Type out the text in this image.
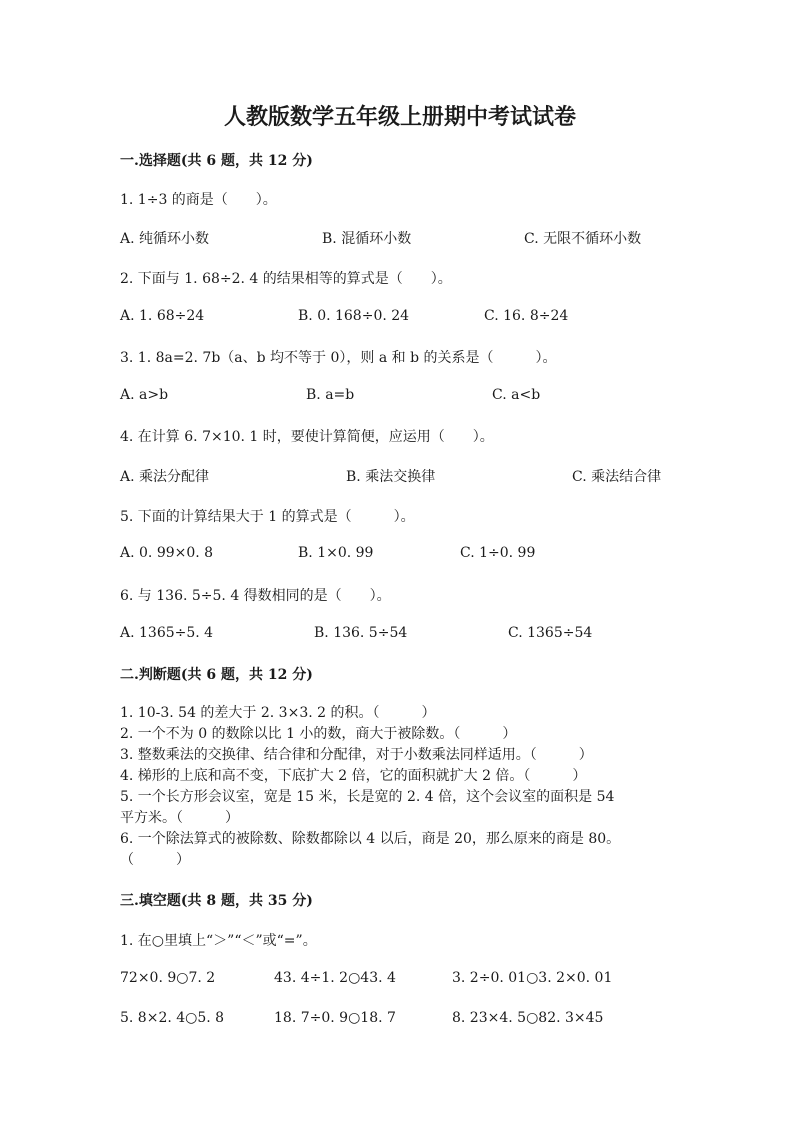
人教版数学五年级上册期中考试试卷
一.选择题(共 6 题，共 12 分)
1. 1÷3 的商是（　　）。
A. 纯循环小数	B. 混循环小数	C. 无限不循环小数
2. 下面与 1. 68÷2. 4 的结果相等的算式是（　　）。
A. 1. 68÷24	B. 0. 168÷0. 24	C. 16. 8÷24
3. 1. 8a=2. 7b（a、b 均不等于 0），则 a 和 b 的关系是（　　　）。
A. a>b	B. a=b	C. a<b
4. 在计算 6. 7×10. 1 时，要使计算简便，应运用（　　）。
A. 乘法分配律	B. 乘法交换律	C. 乘法结合律
5. 下面的计算结果大于 1 的算式是（　　　）。
A. 0. 99×0. 8	B. 1×0. 99	C. 1÷0. 99
6. 与 136. 5÷5. 4 得数相同的是（　　）。
A. 1365÷5. 4	B. 136. 5÷54	C. 1365÷54
二.判断题(共 6 题，共 12 分)
1. 10-3. 54 的差大于 2. 3×3. 2 的积。（　　　）
2. 一个不为 0 的数除以比 1 小的数，商大于被除数。（　　　）
3. 整数乘法的交换律、结合律和分配律，对于小数乘法同样适用。（　　　）
4. 梯形的上底和高不变，下底扩大 2 倍，它的面积就扩大 2 倍。（　　　）
5. 一个长方形会议室，宽是 15 米，长是宽的 2. 4 倍，这个会议室的面积是 54
平方米。（　　　）
6. 一个除法算式的被除数、除数都除以 4 以后，商是 20，那么原来的商是 80。
（　　　）
三.填空题(共 8 题，共 35 分)
1. 在○里填上“＞”“＜”或“=”。
72×0. 9○7. 2	43. 4÷1. 2○43. 4	3. 2÷0. 01○3. 2×0. 01
5. 8×2. 4○5. 8	18. 7÷0. 9○18. 7	8. 23×4. 5○82. 3×45
